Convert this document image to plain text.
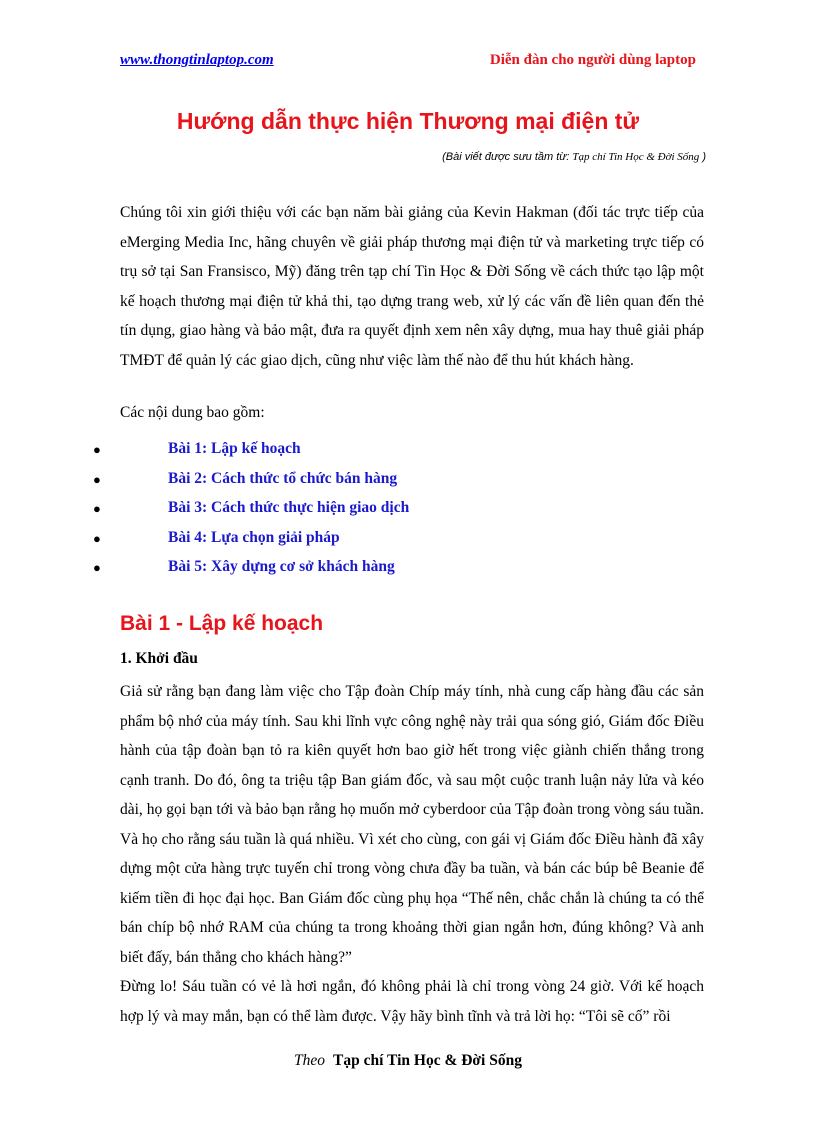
www.thongtinlaptop.com	Diễn đàn cho người dùng laptop
Hướng dẫn thực hiện Thương mại điện tử
(Bài viết được sưu tầm từ: Tạp chí Tin Học & Đời Sống )

Chúng tôi xin giới thiệu với các bạn năm bài giảng của Kevin Hakman (đối tác trực tiếp của eMerging Media Inc, hãng chuyên về giải pháp thương mại điện tử và marketing trực tiếp có trụ sở tại San Fransisco, Mỹ) đăng trên tạp chí Tin Học & Đời Sống về cách thức tạo lập một kế hoạch thương mại điện tử khả thi, tạo dựng trang web, xử lý các vấn đề liên quan đến thẻ tín dụng, giao hàng và bảo mật, đưa ra quyết định xem nên xây dựng, mua hay thuê giải pháp TMĐT để quản lý các giao dịch, cũng như việc làm thế nào để thu hút khách hàng.

Các nội dung bao gồm:
●	Bài 1: Lập kế hoạch
●	Bài 2: Cách thức tổ chức bán hàng
●	Bài 3: Cách thức thực hiện giao dịch
●	Bài 4: Lựa chọn giải pháp
●	Bài 5: Xây dựng cơ sở khách hàng
Bài 1 - Lập kế hoạch
1. Khởi đầu

Giả sử rằng bạn đang làm việc cho Tập đoàn Chíp máy tính, nhà cung cấp hàng đầu các sản phẩm bộ nhớ của máy tính. Sau khi lĩnh vực công nghệ này trải qua sóng gió, Giám đốc Điều hành của tập đoàn bạn tỏ ra kiên quyết hơn bao giờ hết trong việc giành chiến thắng trong cạnh tranh. Do đó, ông ta triệu tập Ban giám đốc, và sau một cuộc tranh luận nảy lửa và kéo dài, họ gọi bạn tới và bảo bạn rằng họ muốn mở cyberdoor của Tập đoàn trong vòng sáu tuần. Và họ cho rằng sáu tuần là quá nhiều. Vì xét cho cùng, con gái vị Giám đốc Điều hành đã xây dựng một cửa hàng trực tuyến chỉ trong vòng chưa đầy ba tuần, và bán các búp bê Beanie để kiếm tiền đi học đại học. Ban Giám đốc cùng phụ họa “Thế nên, chắc chắn là chúng ta có thể bán chíp bộ nhớ RAM của chúng ta trong khoảng thời gian ngắn hơn, đúng không? Và anh biết đấy, bán thẳng cho khách hàng?”

Đừng lo! Sáu tuần có vẻ là hơi ngắn, đó không phải là chỉ trong vòng 24 giờ. Với kế hoạch hợp lý và may mắn, bạn có thể làm được. Vậy hãy bình tĩnh và trả lời họ: “Tôi sẽ cố” rồi

Theo Tạp chí Tin Học & Đời Sống
